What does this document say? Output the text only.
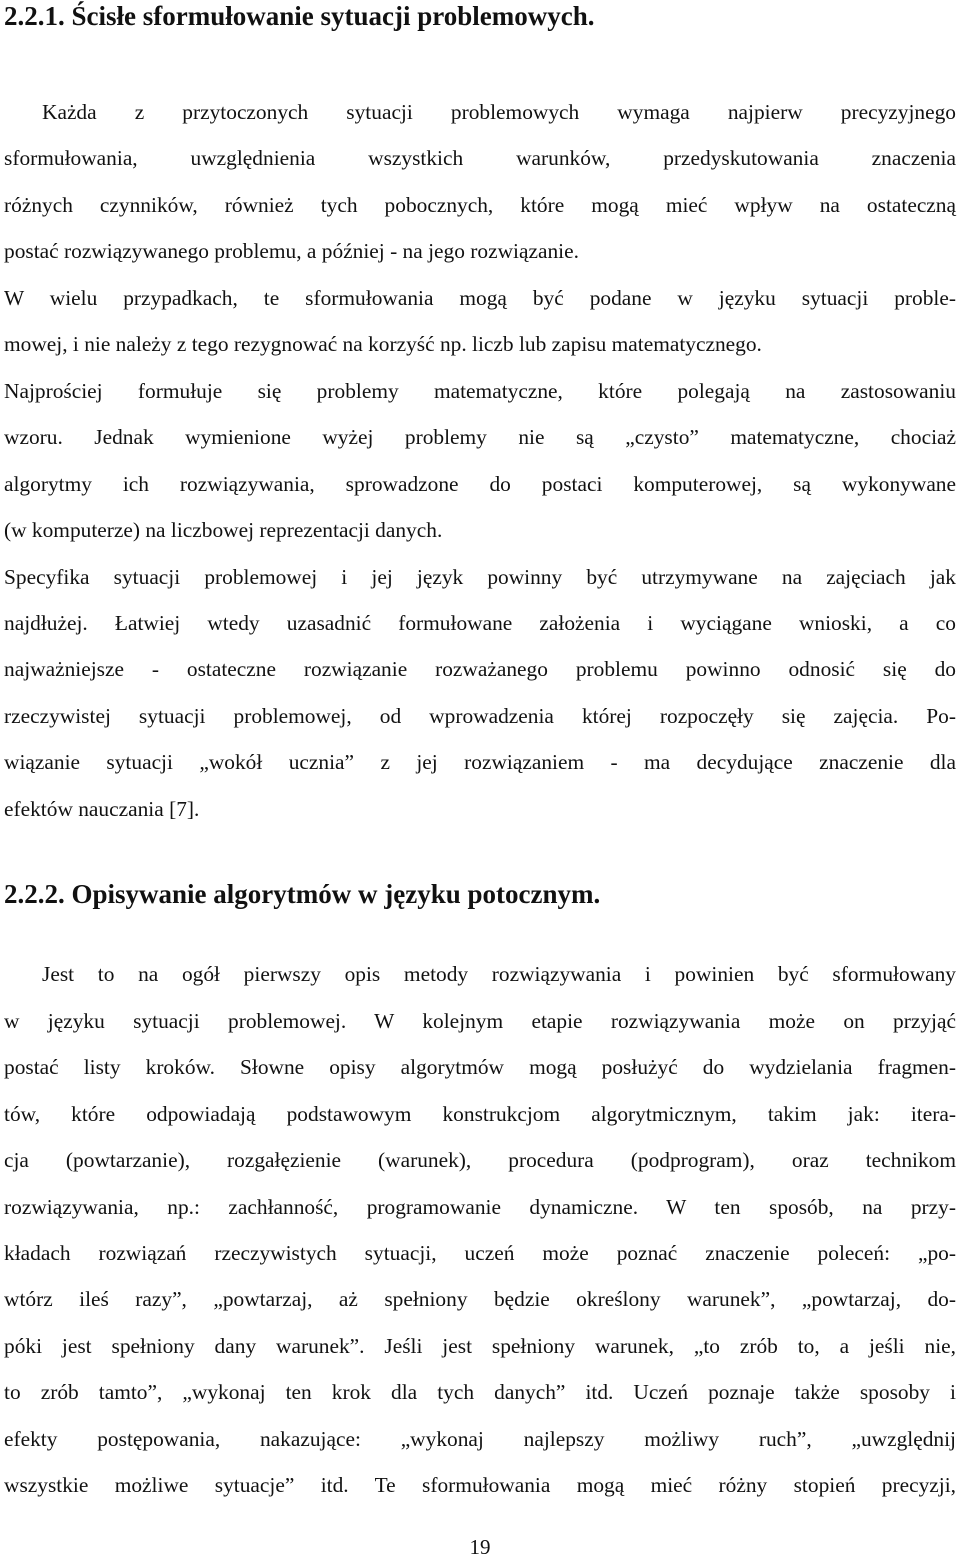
2.2.1. Ścisłe sformułowanie sytuacji problemowych.
Każda z przytoczonych sytuacji problemowych wymaga najpierw precyzyjnego
sformułowania, uwzględnienia wszystkich warunków, przedyskutowania znaczenia
różnych czynników, również tych pobocznych, które mogą mieć wpływ na ostateczną
postać rozwiązywanego problemu, a później - na jego rozwiązanie.
W wielu przypadkach, te sformułowania mogą być podane w języku sytuacji proble-
mowej, i nie należy z tego rezygnować na korzyść np. liczb lub zapisu matematycznego.
Najprościej formułuje się problemy matematyczne, które polegają na zastosowaniu
wzoru. Jednak wymienione wyżej problemy nie są „czysto” matematyczne, chociaż
algorytmy ich rozwiązywania, sprowadzone do postaci komputerowej, są wykonywane
(w komputerze) na liczbowej reprezentacji danych.
Specyfika sytuacji problemowej i jej język powinny być utrzymywane na zajęciach jak
najdłużej. Łatwiej wtedy uzasadnić formułowane założenia i wyciągane wnioski, a co
najważniejsze - ostateczne rozwiązanie rozważanego problemu powinno odnosić się do
rzeczywistej sytuacji problemowej, od wprowadzenia której rozpoczęły się zajęcia. Po-
wiązanie sytuacji „wokół ucznia” z jej rozwiązaniem - ma decydujące znaczenie dla
efektów nauczania [7].
2.2.2. Opisywanie algorytmów w języku potocznym.
Jest to na ogół pierwszy opis metody rozwiązywania i powinien być sformułowany
w języku sytuacji problemowej. W kolejnym etapie rozwiązywania może on przyjąć
postać listy kroków. Słowne opisy algorytmów mogą posłużyć do wydzielania fragmen-
tów, które odpowiadają podstawowym konstrukcjom algorytmicznym, takim jak: itera-
cja (powtarzanie), rozgałęzienie (warunek), procedura (podprogram), oraz technikom
rozwiązywania, np.: zachłanność, programowanie dynamiczne. W ten sposób, na przy-
kładach rozwiązań rzeczywistych sytuacji, uczeń może poznać znaczenie poleceń: „po-
wtórz ileś razy”, „powtarzaj, aż spełniony będzie określony warunek”, „powtarzaj, do-
póki jest spełniony dany warunek”. Jeśli jest spełniony warunek, „to zrób to, a jeśli nie,
to zrób tamto”, „wykonaj ten krok dla tych danych” itd. Uczeń poznaje także sposoby i
efekty postępowania, nakazujące: „wykonaj najlepszy możliwy ruch”, „uwzględnij
wszystkie możliwe sytuacje” itd. Te sformułowania mogą mieć różny stopień precyzji,
19
